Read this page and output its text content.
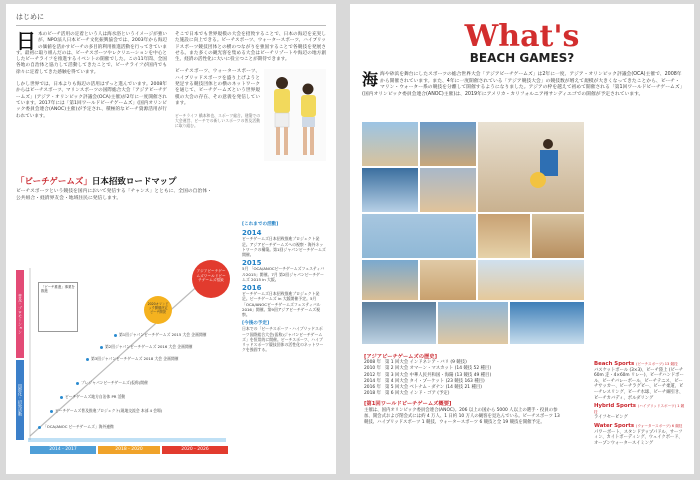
はじめに

日本のビーチ活用の定着という人は海水浴というイメージが強いが、NPO法人日本ビーチ文化振興協会では、2003年から海辺の価値を活かすビーチの多目的利用推進活動を行ってきています。最初に取り組んだのは、ビーチスポーツやレクリエーションを中心としたビーチライフを推進するイベントの開催でした。この11年間、全国各地の自治体と協力して活動してきたことで、ビーチライフが国内でも徐々に定着してきた感触を得ています。

しかし世界では、日本よりも海辺の活用はずっと進んでいます。2008年からはビーチスポーツ、マリンスポーツの国際総合大会「アジアビーチゲームズ」(アジア・オリンピック評議会(OCA)主催)が2年に一度開催されています。2017年には「第1回ワールドビーチゲームズ」(国内オリンピック委員会連合(ANOC)主催)が予定され、積極的なビーチ資源活用が行われています。

そこで日本でも世界規模の大会を招致することで、日本の海辺を充実した施設に向上できる。ビーチスポーツ、ウォータースポーツ、ハイブリッドスポーツ競技団体との横のつながりを強固することで各競技を発展させる。また多くの観光客を集める大会はビーチリゾートや海辺の地方創生、経済の活性化に大いに役立つことが期待できます。

ビーチスポーツ、ウォータースポーツ、ハイブリッドスポーツを盛り上げようと発足する競技団体との横のネットワークを通じて、ビーチゲームズという世界規模の大会の存在、その意義を発信しています。

ビーチライフ 橋本和也、スポーツ総合。建築での大会運営、ビーチでの新しいスポーツの普及活動に取り組む。
「ビーチゲームズ」日本招致ロードマップ
ビーチスポーツという競技を国内において発信する「チャンス」とともに、全国の自治体・公共組合・経済界友会・地域住民に発信します。
普及・プロモーション
国際化・招致活動
アジアビーチゲームズワールドビーチゲームズ招致
2020オリンピック開催決定ビーチ開発
「ビーチ推進」事業を推進
第1回ジャパンビーチゲームズ 2015 大会 企画開催
第2回ジャパンビーチゲームズ 2016 大会 企画開催
第3回ジャパンビーチゲームズ 2018 大会 企画開催
プレジャパンビーチゲームズ(仮称)開催
ビーチゲームズ地方自治体 PR 活動
ビーチゲームズ普及推進プロジェクト(現地交流会 本部 4 会場)
「OCA/ANOC ビーチゲームズ」海外連携
2014 - 2017	2018 - 2020	2020 - 2026
[これまでの活動]
2014
ビーチゲームズ日本招致推進プロジェクト発足。アジアビーチゲームズへの視察・海外ネットワークの構築。第1回ジャパンビーチゲームズ開催。
2015
5月 「OCA/ANOCビーチゲームズフェスティバル2015」開催。7月 第2回ジャパンビーチゲームズ 2015 in 大阪。
2016
ビーチゲームズ日本招致推進プロジェクト発足。ビーチゲームズ in 大阪開催予定。5月 「OCA/ANOCビーチゲームズフェスティバル2016」開催。第9回アジアビーチゲームズ視察。
[今後の予定]
日本での「ビーチスポーツ・ハイブリッドスポーツ国際総合大会(仮称)ジャパンビーチゲームズ」を恒常的に開催。ビーチスポーツ、ハイブリッドスポーツ競技団体の活性化のネットワークを強固する。
What's
BEACH GAMES?
海海や砂浜を舞台にしたスポーツの総合世界大会「アジアビーチゲームズ」は2年に一度、アジア・オリンピック評議会(OCA)主催で、2008年から開催されています。また、4年に一度開催されている「アジア競技大会」の競技数が増えて規模が大きくなってきたことから、ビーチ・マリン・ウォーター系の競技を分離して開催するようになりました。アジアの枠を越えて初めて開催される「第1回ワールドビーチゲームズ」(国内オリンピック委員会連合(ANOC)主催)は、2019年にアメリカ・カリフォルニア州サンディエゴでの開催が予定されています。
[アジアビーチゲームズの歴史]
2008 年 第 1 回大会 インドネシア・バリ (9 競技)
2010 年 第 2 回大会 オマーン・マスカット (14 競技 52 種目)
2012 年 第 3 回大会 中華人民共和国・海陽 (13 競技 49 種目)
2014 年 第 4 回大会 タイ・プーケット (23 競技 163 種目)
2016 年 第 5 回大会 ベトナム・ダナン (14 競技 21 種目)
2018 年 第 6 回大会 インド・ゴア (予定)
[第1回ワールドビーチゲームズ概要]
主催は、国内オリンピック委員会連合(ANOC)。206 以上の国から 5000 人以上の選手・役員の参加、開会式および閉会式には約 4 万人、1 日約 10 万人の観客を見込んでいる。ビーチスポーツ 13 競技、ハイブリッドスポーツ 1 競技、ウォータースポーツ 6 競技と全 19 競技を開催予定。
Beach Sports (ビーチスポーツ) 13 競技
バスケットボール (3×3)、ビーチ陸上 (ビーチ 60m 走・4×60m リレー)、ビーチハンドボール、ビーチバレーボール、ビーチテニス、ビーチサッカー、ビーチラグビー、ビーチ柔道、ビーチレスリング、ビーチ水球、ビーチ綱引き、ビーチカバディ、ボルダリング
Hybrid Sports (ハイブリッドスポーツ) 1 競技
ライフセービング
Water Sports (ウォータースポーツ) 6 競技
パワーボート、スタンドアップパドル、サーフィン、カイトボーディング、ウェイクボード、オープンウォータースイミング
